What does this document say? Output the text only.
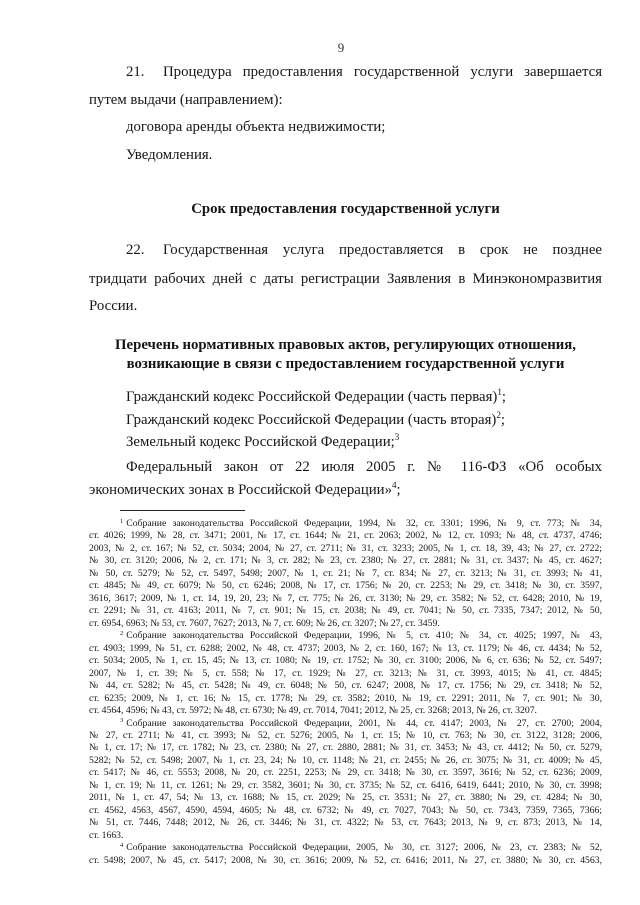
9
21. Процедура предоставления государственной услуги завершается
путем выдачи (направлением):
договора аренды объекта недвижимости;
Уведомления.
Срок предоставления государственной услуги
22. Государственная услуга предоставляется в срок не позднее
тридцати рабочих дней с даты регистрации Заявления в Минэкономразвития
России.
Перечень нормативных правовых актов, регулирующих отношения,
возникающие в связи с предоставлением государственной услуги
Гражданский кодекс Российской Федерации (часть первая)$^1$;
Гражданский кодекс Российской Федерации (часть вторая)$^2$;
Земельный кодекс Российской Федерации;$^3$
Федеральный закон от 22 июля 2005 г. № 116-ФЗ «Об особых
экономических зонах в Российской Федерации»$^4$;
$^1$ Собрание законодательства Российской Федерации, 1994, № 32, ст. 3301; 1996, № 9, ст. 773; № 34,
ст. 4026; 1999, № 28, ст. 3471; 2001, № 17, ст. 1644; № 21, ст. 2063; 2002, № 12, ст. 1093; № 48, ст. 4737, 4746;
2003, № 2, ст. 167; № 52, ст. 5034; 2004, № 27, ст. 2711; № 31, ст. 3233; 2005, № 1, ст. 18, 39, 43; № 27, ст. 2722;
№ 30, ст. 3120; 2006, № 2, ст. 171; № 3, ст. 282; № 23, ст. 2380; № 27, ст. 2881; № 31, ст. 3437; № 45, ст. 4627;
№ 50, ст. 5279; № 52, ст. 5497, 5498; 2007, № 1, ст. 21; № 7, ст. 834; № 27, ст. 3213; № 31, ст. 3993; № 41,
ст. 4845; № 49, ст. 6079; № 50, ст. 6246; 2008, № 17, ст. 1756; № 20, ст. 2253; № 29, ст. 3418; № 30, ст. 3597,
3616, 3617; 2009, № 1, ст. 14, 19, 20, 23; № 7, ст. 775; № 26, ст. 3130; № 29, ст. 3582; № 52, ст. 6428; 2010, № 19,
ст. 2291; № 31, ст. 4163; 2011, № 7, ст. 901; № 15, ст. 2038; № 49, ст. 7041; № 50, ст. 7335, 7347; 2012, № 50,
ст. 6954, 6963; № 53, ст. 7607, 7627; 2013, № 7, ст. 609; № 26, ст. 3207; № 27, ст. 3459.
$^2$ Собрание законодательства Российской Федерации, 1996, № 5, ст. 410; № 34, ст. 4025; 1997, № 43,
ст. 4903; 1999, № 51, ст. 6288; 2002, № 48, ст. 4737; 2003, № 2, ст. 160, 167; № 13, ст. 1179; № 46, ст. 4434; № 52,
ст. 5034; 2005, № 1, ст. 15, 45; № 13, ст. 1080; № 19, ст. 1752; № 30, ст. 3100; 2006, № 6, ст. 636; № 52, ст. 5497;
2007, № 1, ст. 39; № 5, ст. 558; № 17, ст. 1929; № 27, ст. 3213; № 31, ст. 3993, 4015; № 41, ст. 4845;
№ 44, ст. 5282; № 45, ст. 5428; № 49, ст. 6048; № 50, ст. 6247; 2008, № 17, ст. 1756; № 29, ст. 3418; № 52,
ст. 6235; 2009, № 1, ст. 16; № 15, ст. 1778; № 29, ст. 3582; 2010, № 19, ст. 2291; 2011, № 7, ст. 901; № 30,
ст. 4564, 4596; № 43, ст. 5972; № 48, ст. 6730; № 49, ст. 7014, 7041; 2012, № 25, ст. 3268; 2013, № 26, ст. 3207.
$^3$ Собрание законодательства Российской Федерации, 2001, № 44, ст. 4147; 2003, № 27, ст. 2700; 2004,
№ 27, ст. 2711; № 41, ст. 3993; № 52, ст. 5276; 2005, № 1, ст. 15; № 10, ст. 763; № 30, ст. 3122, 3128; 2006,
№ 1, ст. 17; № 17, ст. 1782; № 23, ст. 2380; № 27, ст. 2880, 2881; № 31, ст. 3453; № 43, ст. 4412; № 50, ст. 5279,
5282; № 52, ст. 5498; 2007, № 1, ст. 23, 24; № 10, ст. 1148; № 21, ст. 2455; № 26, ст. 3075; № 31, ст. 4009; № 45,
ст. 5417; № 46, ст. 5553; 2008, № 20, ст. 2251, 2253; № 29, ст. 3418; № 30, ст. 3597, 3616; № 52, ст. 6236; 2009,
№ 1, ст. 19; № 11, ст. 1261; № 29, ст. 3582, 3601; № 30, ст. 3735; № 52, ст. 6416, 6419, 6441; 2010, № 30, ст. 3998;
2011, № 1, ст. 47, 54; № 13, ст. 1688; № 15, ст. 2029; № 25, ст. 3531; № 27, ст. 3880; № 29, ст. 4284; № 30,
ст. 4562, 4563, 4567, 4590, 4594, 4605; № 48, ст. 6732; № 49, ст. 7027, 7043; № 50, ст. 7343, 7359, 7365, 7366;
№ 51, ст. 7446, 7448; 2012, № 26, ст. 3446; № 31, ст. 4322; № 53, ст. 7643; 2013, № 9, ст. 873; 2013, № 14,
ст. 1663.
$^4$ Собрание законодательства Российской Федерации, 2005, № 30, ст. 3127; 2006, № 23, ст. 2383; № 52,
ст. 5498; 2007, № 45, ст. 5417; 2008, № 30, ст. 3616; 2009, № 52, ст. 6416; 2011, № 27, ст. 3880; № 30, ст. 4563,
